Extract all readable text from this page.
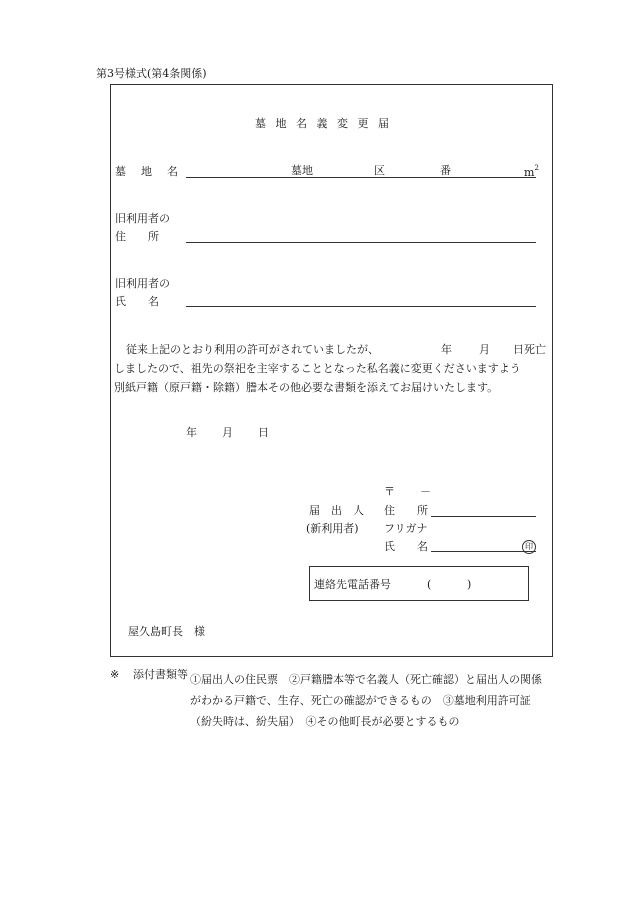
第3号様式(第4条関係)
墓 地 名 義 変 更 届
墓　地　名	墓地	区	番	$m^2$
旧利用者の
住　　所
旧利用者の
氏　　名
従来上記のとおり利用の許可がされていましたが、	年 月 日死亡
しましたので、祖先の祭祀を主宰することとなった私名義に変更くださいますよう
別紙戸籍（原戸籍・除籍）謄本その他必要な書類を添えてお届けいたします。
年 月 日
〒 －
届　出　人 住　　所
(新利用者) フリガナ
氏　　名	印
連絡先電話番号	(	)
屋久島町長　様
※ 添付書類等 ①届出人の住民票　②戸籍謄本等で名義人（死亡確認）と届出人の関係がわかる戸籍で、生存、死亡の確認ができるもの　③墓地利用許可証（紛失時は、紛失届）　④その他町長が必要とするもの
